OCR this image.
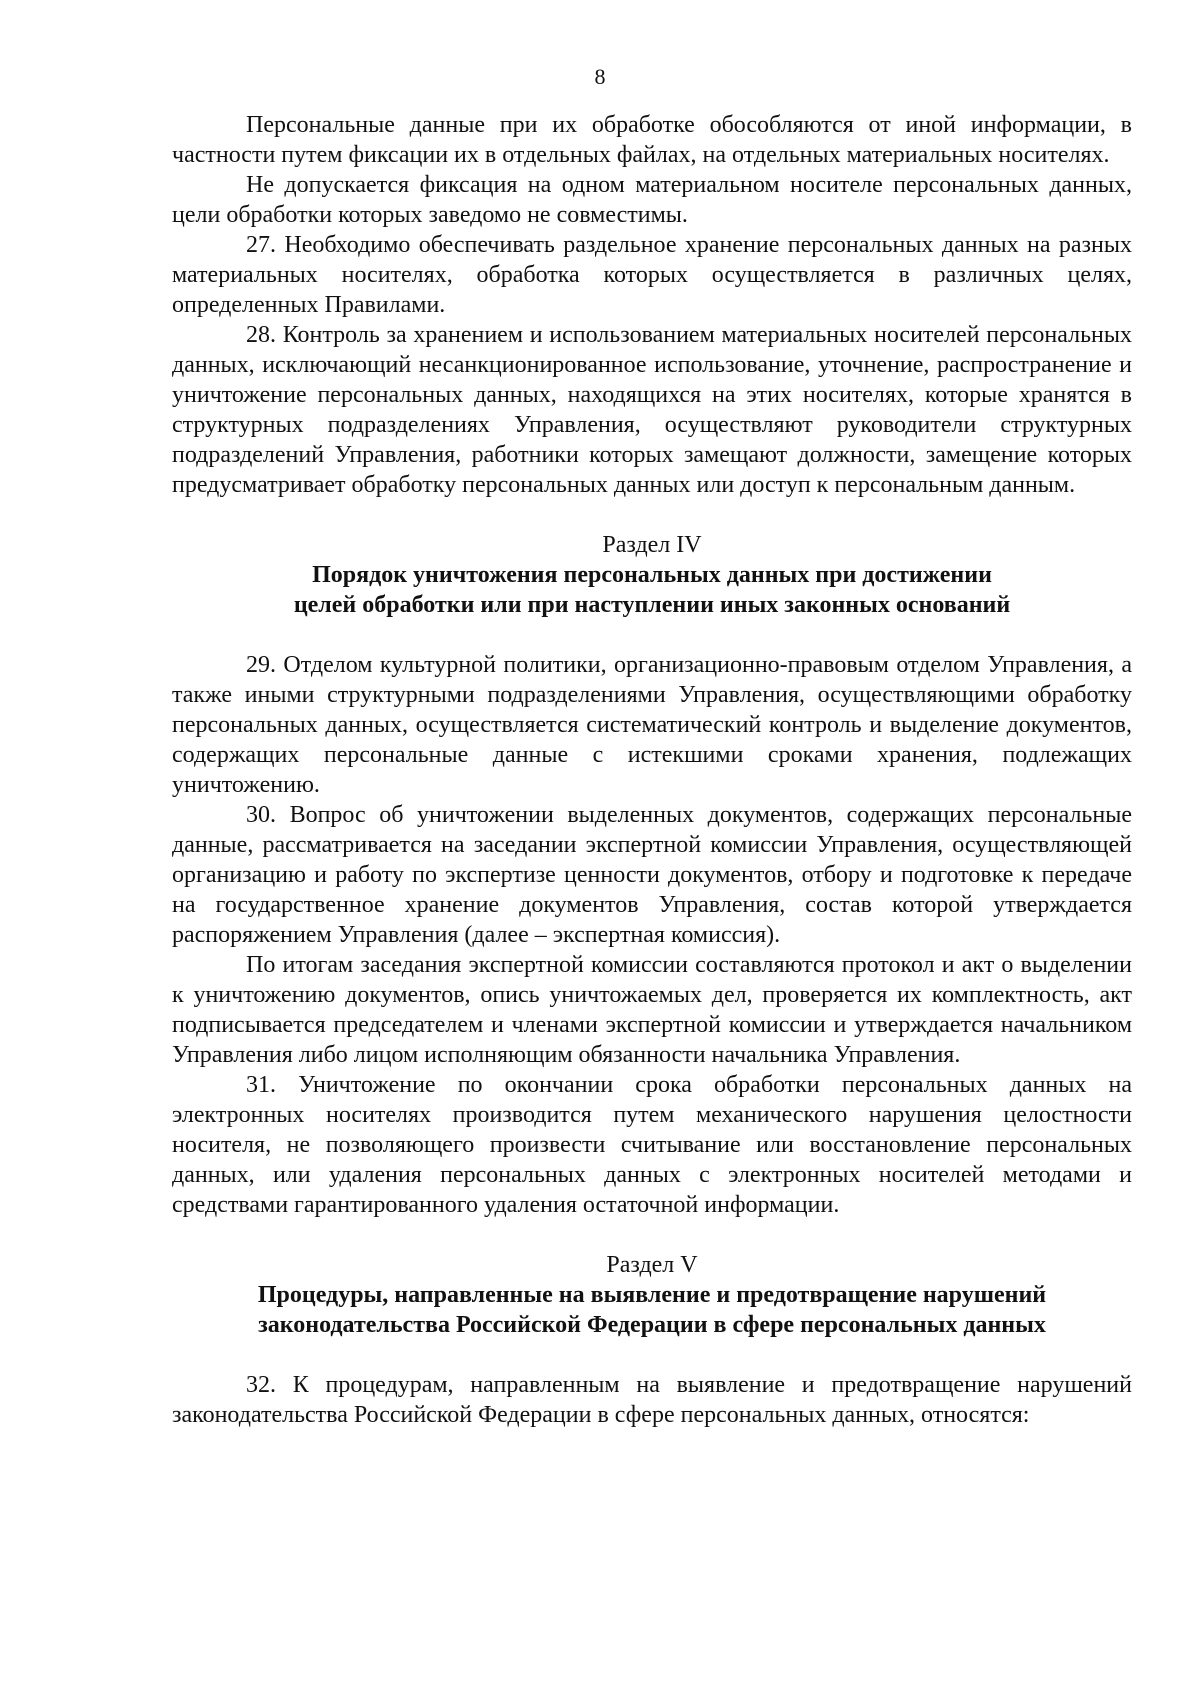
8

Персональные данные при их обработке обособляются от иной информации, в частности путем фиксации их в отдельных файлах, на отдельных материальных носителях.

Не допускается фиксация на одном материальном носителе персональных данных, цели обработки которых заведомо не совместимы.

27. Необходимо обеспечивать раздельное хранение персональных данных на разных материальных носителях, обработка которых осуществляется в различных целях, определенных Правилами.

28. Контроль за хранением и использованием материальных носителей персональных данных, исключающий несанкционированное использование, уточнение, распространение и уничтожение персональных данных, находящихся на этих носителях, которые хранятся в структурных подразделениях Управления, осуществляют руководители структурных подразделений Управления, работники которых замещают должности, замещение которых предусматривает обработку персональных данных или доступ к персональным данным.

Раздел IV

Порядок уничтожения персональных данных при достижении

целей обработки или при наступлении иных законных оснований

29. Отделом культурной политики, организационно-правовым отделом Управления, а также иными структурными подразделениями Управления, осуществляющими обработку персональных данных, осуществляется систематический контроль и выделение документов, содержащих персональные данные с истекшими сроками хранения, подлежащих уничтожению.

30. Вопрос об уничтожении выделенных документов, содержащих персональные данные, рассматривается на заседании экспертной комиссии Управления, осуществляющей организацию и работу по экспертизе ценности документов, отбору и подготовке к передаче на государственное хранение документов Управления, состав которой утверждается распоряжением Управления (далее – экспертная комиссия).

По итогам заседания экспертной комиссии составляются протокол и акт о выделении к уничтожению документов, опись уничтожаемых дел, проверяется их комплектность, акт подписывается председателем и членами экспертной комиссии и утверждается начальником Управления либо лицом исполняющим обязанности начальника Управления.

31. Уничтожение по окончании срока обработки персональных данных на электронных носителях производится путем механического нарушения целостности носителя, не позволяющего произвести считывание или восстановление персональных данных, или удаления персональных данных с электронных носителей методами и средствами гарантированного удаления остаточной информации.

Раздел V

Процедуры, направленные на выявление и предотвращение нарушений

законодательства Российской Федерации в сфере персональных данных

32. К процедурам, направленным на выявление и предотвращение нарушений законодательства Российской Федерации в сфере персональных данных, относятся:
